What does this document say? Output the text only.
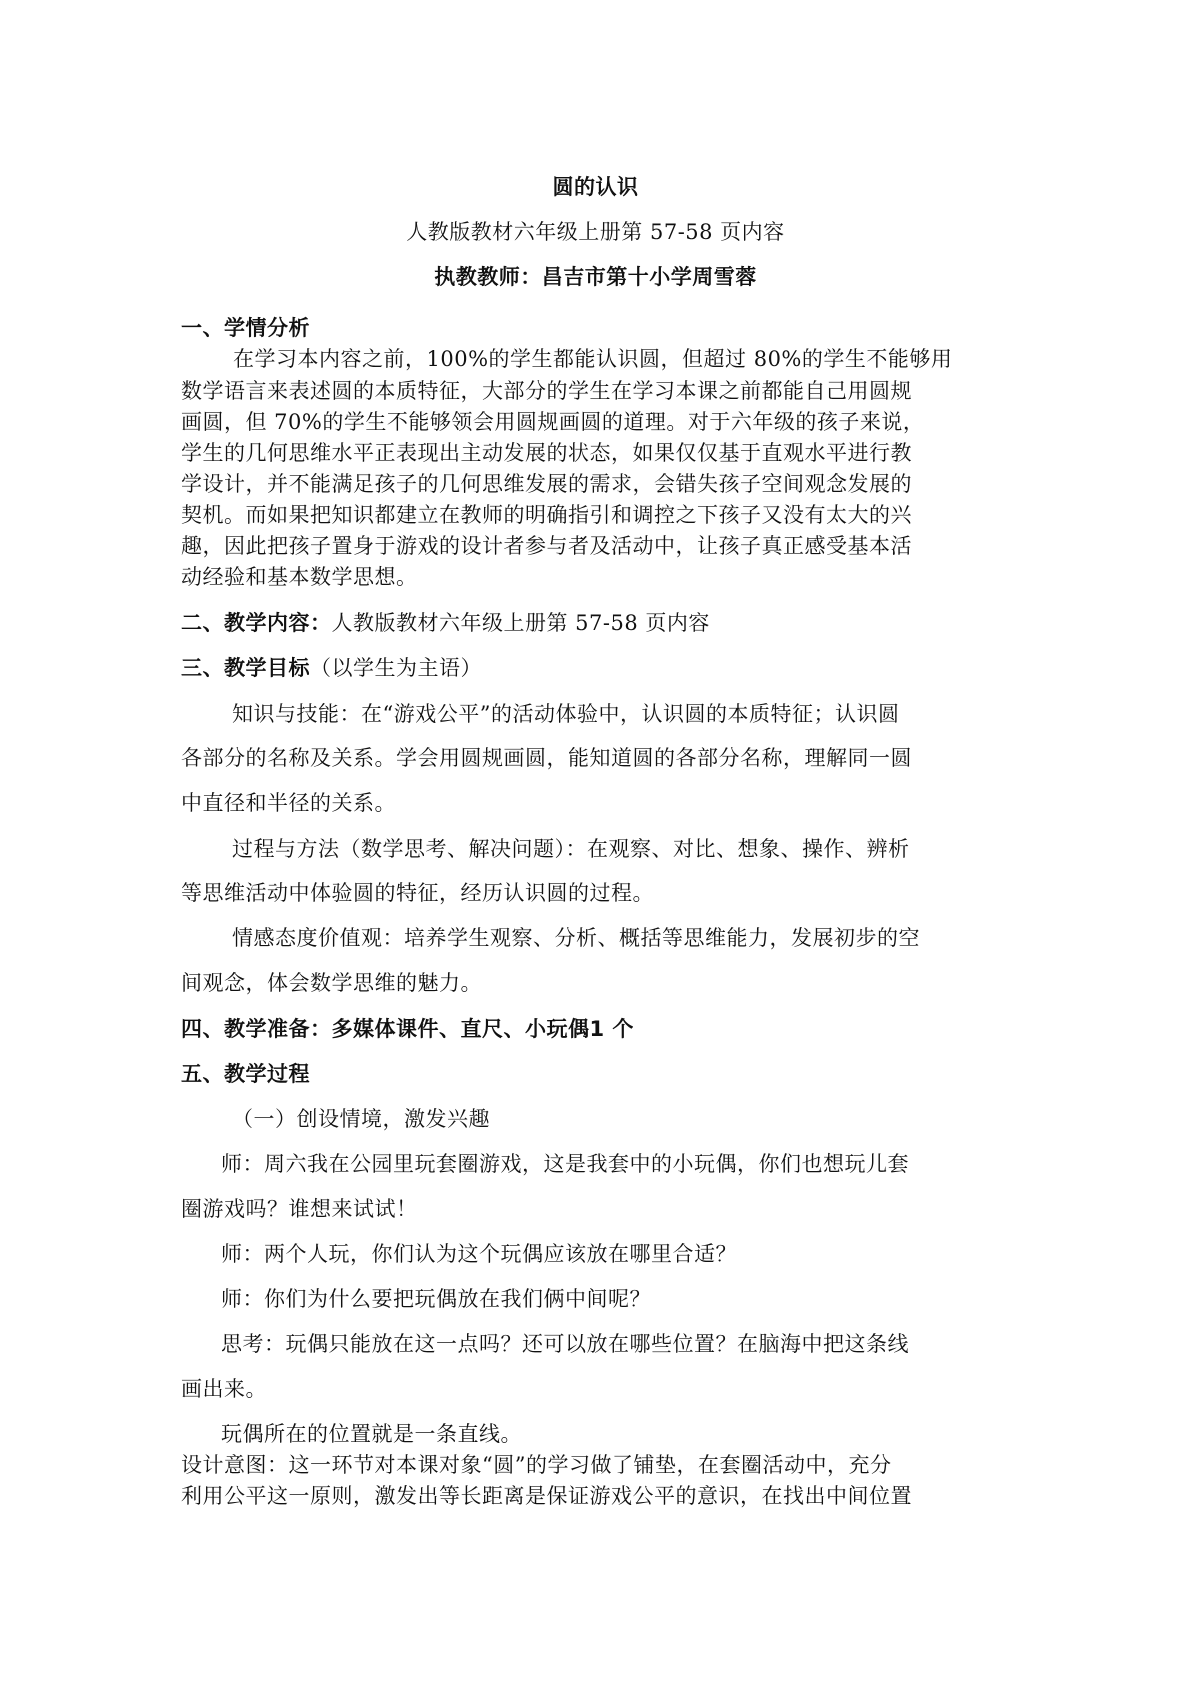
圆的认识
人教版教材六年级上册第 57-58 页内容
执教教师：昌吉市第十小学周雪蓉
一、学情分析
在学习本内容之前，100%的学生都能认识圆，但超过 80%的学生不能够用
数学语言来表述圆的本质特征，大部分的学生在学习本课之前都能自己用圆规
画圆，但 70%的学生不能够领会用圆规画圆的道理。对于六年级的孩子来说，
学生的几何思维水平正表现出主动发展的状态，如果仅仅基于直观水平进行教
学设计，并不能满足孩子的几何思维发展的需求，会错失孩子空间观念发展的
契机。而如果把知识都建立在教师的明确指引和调控之下孩子又没有太大的兴
趣，因此把孩子置身于游戏的设计者参与者及活动中，让孩子真正感受基本活
动经验和基本数学思想。
二、教学内容：人教版教材六年级上册第 57-58 页内容
三、教学目标（以学生为主语）
知识与技能：在“游戏公平”的活动体验中，认识圆的本质特征；认识圆
各部分的名称及关系。学会用圆规画圆，能知道圆的各部分名称，理解同一圆
中直径和半径的关系。
过程与方法（数学思考、解决问题）：在观察、对比、想象、操作、辨析
等思维活动中体验圆的特征，经历认识圆的过程。
情感态度价值观：培养学生观察、分析、概括等思维能力，发展初步的空
间观念，体会数学思维的魅力。
四、教学准备：多媒体课件、直尺、小玩偶1 个
五、教学过程
（一）创设情境，激发兴趣
师：周六我在公园里玩套圈游戏，这是我套中的小玩偶，你们也想玩儿套
圈游戏吗？谁想来试试！
师：两个人玩，你们认为这个玩偶应该放在哪里合适？
师：你们为什么要把玩偶放在我们俩中间呢？
思考：玩偶只能放在这一点吗？还可以放在哪些位置？在脑海中把这条线
画出来。
玩偶所在的位置就是一条直线。
设计意图：这一环节对本课对象“圆”的学习做了铺垫，在套圈活动中，充分
利用公平这一原则，激发出等长距离是保证游戏公平的意识，在找出中间位置
